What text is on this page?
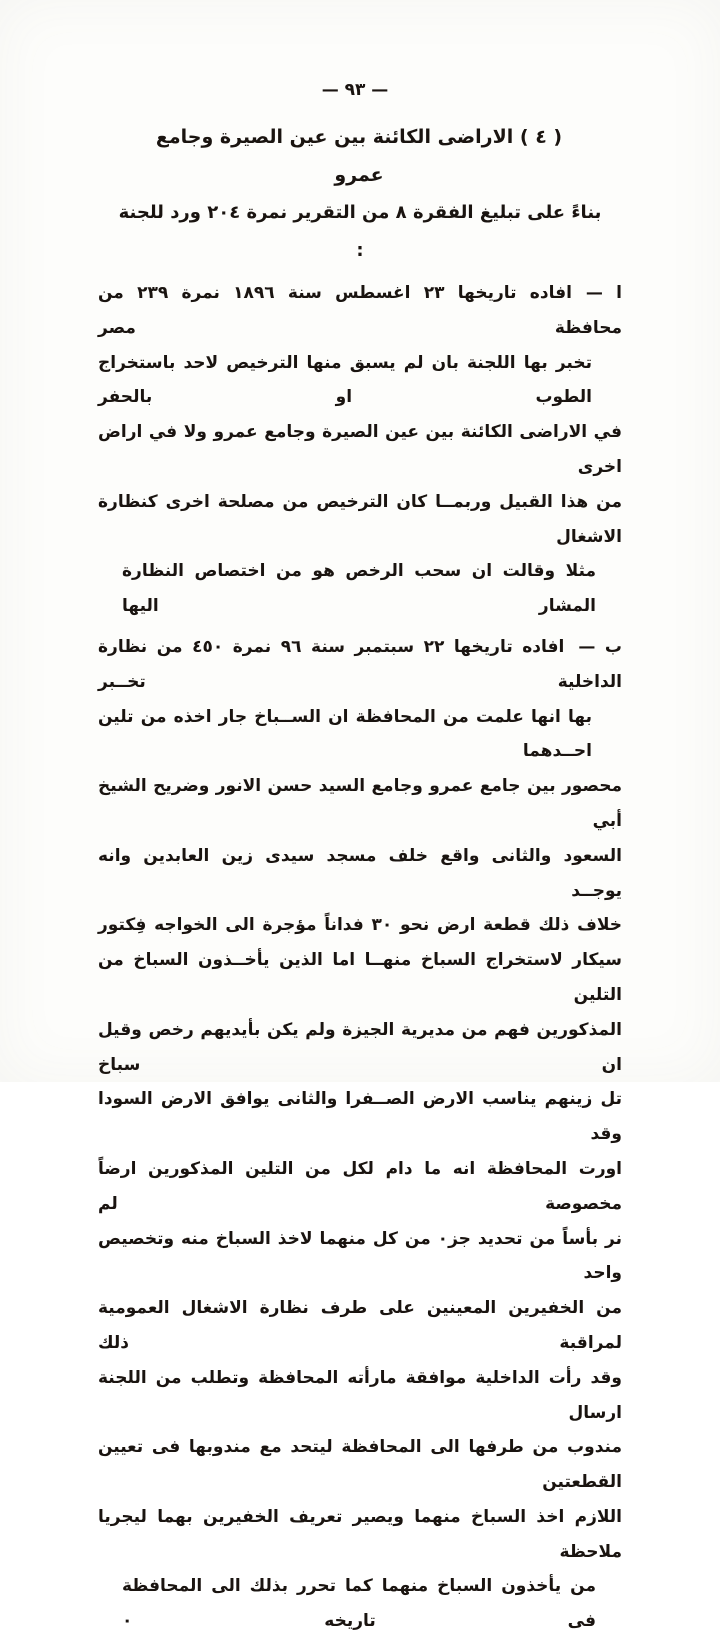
— ٩٣ —
( ٤ ) الاراضى الكائنة بين عين الصيرة وجامع عمرو
بناءً على تبليغ الفقرة ٨ من التقرير نمرة ٢٠٤ ورد للجنة :
ا —افاده تاريخها ٢٣ اغسطس سنة ١٨٩٦ نمرة ٢٣٩ من محافظة مصر
تخبر بها اللجنة بان لم يسبق منها الترخيص لاحد باستخراج الطوب او بالحفر
في الاراضى الكائنة بين عين الصيرة وجامع عمرو ولا في اراض اخرى
من هذا القبيل وربمــا كان الترخيص من مصلحة اخرى كنظارة الاشغال
مثلا وقالت ان سحب الرخص هو من اختصاص النظارة المشار اليها
ب —افاده تاريخها ٢٢ سبتمبر سنة ٩٦ نمرة ٤٥٠ من نظارة الداخلية تخــبر
بها انها علمت من المحافظة ان الســباخ جار اخذه من تلين احــدهما
محصور بين جامع عمرو وجامع السيد حسن الانور وضريح الشيخ أبي
السعود والثانى واقع خلف مسجد سيدى زين العابدين وانه يوجــد
خلاف ذلك قطعة ارض نحو ٣٠ فداناً مؤجرة الى الخواجه فِكتور
سيكار لاستخراج السباخ منهــا اما الذين يأخــذون السباخ من التلين
المذكورين فهم من مديرية الجيزة ولم يكن بأيديهم رخص وقيل ان سباخ
تل زينهم يناسب الارض الصــفرا والثانى يوافق الارض السودا وقد
اورت المحافظة انه ما دام لكل من التلين المذكورين ارضاً مخصوصة لم
نر بأساً من تحديد جز۰ من كل منهما لاخذ السباخ منه وتخصيص واحد
من الخفيرين المعينين على طرف نظارة الاشغال العمومية لمراقبة ذلك
وقد رأت الداخلية موافقة مارأته المحافظة وتطلب من اللجنة ارسال
مندوب من طرفها الى المحافظة ليتحد مع مندوبها فى تعيين القطعتين
اللازم اخذ السباخ منهما ويصير تعريف الخفيرين بهما ليجريا ملاحظة
من يأخذون السباخ منهما كما تحرر بذلك الى المحافظة فى تاريخه ۰
